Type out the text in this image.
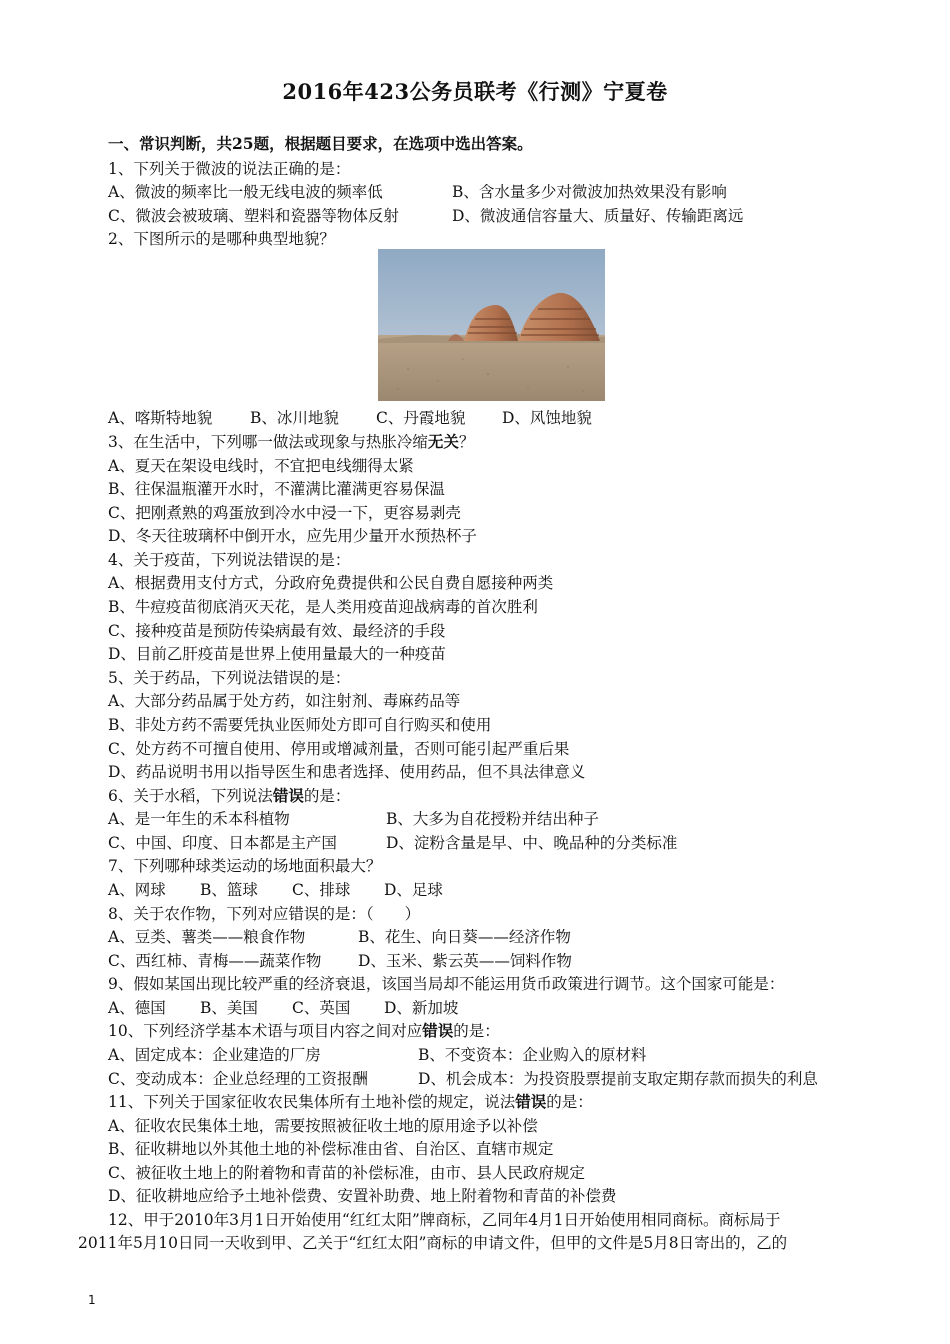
2016年423公务员联考《行测》宁夏卷
一、常识判断，共25题，根据题目要求，在选项中选出答案。
1、下列关于微波的说法正确的是：
A、微波的频率比一般无线电波的频率低	B、含水量多少对微波加热效果没有影响
C、微波会被玻璃、塑料和瓷器等物体反射	D、微波通信容量大、质量好、传输距离远
2、下图所示的是哪种典型地貌？
A、喀斯特地貌 B、冰川地貌 C、丹霞地貌 D、风蚀地貌
3、在生活中，下列哪一做法或现象与热胀冷缩无关？
A、夏天在架设电线时，不宜把电线绷得太紧
B、往保温瓶灌开水时，不灌满比灌满更容易保温
C、把刚煮熟的鸡蛋放到冷水中浸一下，更容易剥壳
D、冬天往玻璃杯中倒开水，应先用少量开水预热杯子
4、关于疫苗，下列说法错误的是：
A、根据费用支付方式，分政府免费提供和公民自费自愿接种两类
B、牛痘疫苗彻底消灭天花，是人类用疫苗迎战病毒的首次胜利
C、接种疫苗是预防传染病最有效、最经济的手段
D、目前乙肝疫苗是世界上使用量最大的一种疫苗
5、关于药品，下列说法错误的是：
A、大部分药品属于处方药，如注射剂、毒麻药品等
B、非处方药不需要凭执业医师处方即可自行购买和使用
C、处方药不可擅自使用、停用或增减剂量，否则可能引起严重后果
D、药品说明书用以指导医生和患者选择、使用药品，但不具法律意义
6、关于水稻，下列说法错误的是：
A、是一年生的禾本科植物	B、大多为自花授粉并结出种子
C、中国、印度、日本都是主产国	D、淀粉含量是早、中、晚品种的分类标准
7、下列哪种球类运动的场地面积最大？
A、网球 B、篮球 C、排球 D、足球
8、关于农作物，下列对应错误的是：（　　）
A、豆类、薯类——粮食作物	B、花生、向日葵——经济作物
C、西红柿、青梅——蔬菜作物 D、玉米、紫云英——饲料作物
9、假如某国出现比较严重的经济衰退，该国当局却不能运用货币政策进行调节。这个国家可能是：
A、德国 B、美国 C、英国 D、新加坡
10、下列经济学基本术语与项目内容之间对应错误的是：
A、固定成本：企业建造的厂房	B、不变资本：企业购入的原材料
C、变动成本：企业总经理的工资报酬	D、机会成本：为投资股票提前支取定期存款而损失的利息
11、下列关于国家征收农民集体所有土地补偿的规定，说法错误的是：
A、征收农民集体土地，需要按照被征收土地的原用途予以补偿
B、征收耕地以外其他土地的补偿标准由省、自治区、直辖市规定
C、被征收土地上的附着物和青苗的补偿标准，由市、县人民政府规定
D、征收耕地应给予土地补偿费、安置补助费、地上附着物和青苗的补偿费
12、甲于2010年3月1日开始使用“红红太阳”牌商标，乙同年4月1日开始使用相同商标。商标局于
2011年5月10日同一天收到甲、乙关于“红红太阳”商标的申请文件，但甲的文件是5月8日寄出的，乙的
1
